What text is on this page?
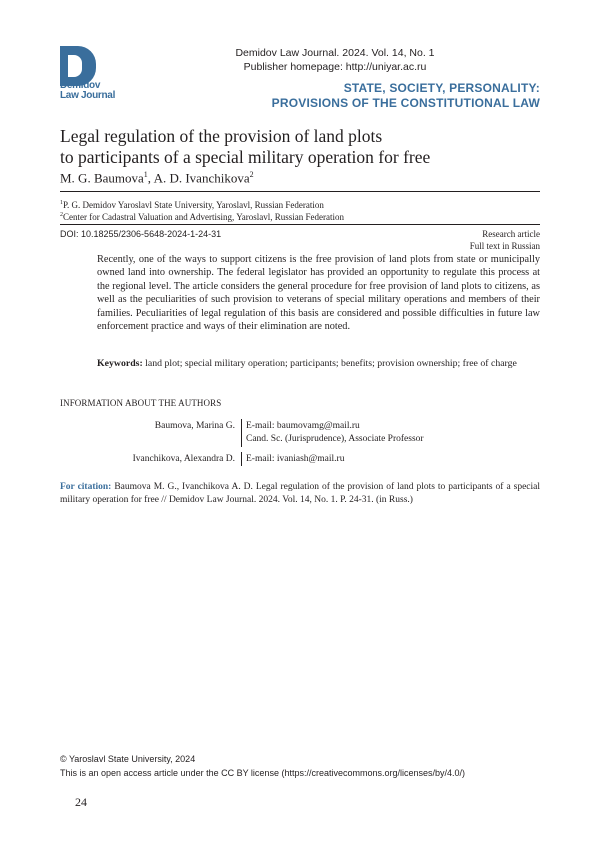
Demidov
Law Journal
Demidov Law Journal. 2024. Vol. 14, No. 1
Publisher homepage: http://uniyar.ac.ru
STATE, SOCIETY, PERSONALITY:
PROVISIONS OF THE CONSTITUTIONAL LAW
Legal regulation of the provision of land plots
to participants of a special military operation for free
M. G. Baumova$^1$, A. D. Ivanchikova$^2$
$^1$P. G. Demidov Yaroslavl State University, Yaroslavl, Russian Federation
$^2$Center for Cadastral Valuation and Advertising, Yaroslavl, Russian Federation
DOI: 10.18255/2306-5648-2024-1-24-31	Research article
Full text in Russian
Recently, one of the ways to support citizens is the free provision of land plots from state or municipally owned land into ownership. The federal legislator has provided an opportunity to regulate this process at the regional level. The article considers the general procedure for free provision of land plots to citizens, as well as the peculiarities of such provision to veterans of special military operations and members of their families. Peculiarities of legal regulation of this basis are considered and possible difficulties in future law enforcement practice and ways of their elimination are noted.
Keywords: land plot; special military operation; participants; benefits; provision ownership; free of charge
INFORMATION ABOUT THE AUTHORS
Baumova, Marina G. E-mail: baumovamg@mail.ru
Cand. Sc. (Jurisprudence), Associate Professor
Ivanchikova, Alexandra D. E-mail: ivaniash@mail.ru
For citation: Baumova M. G., Ivanchikova A. D. Legal regulation of the provision of land plots to participants of a special military operation for free // Demidov Law Journal. 2024. Vol. 14, No. 1. P. 24-31. (in Russ.)
© Yaroslavl State University, 2024
This is an open access article under the CC BY license (https://creativecommons.org/licenses/by/4.0/)
24
